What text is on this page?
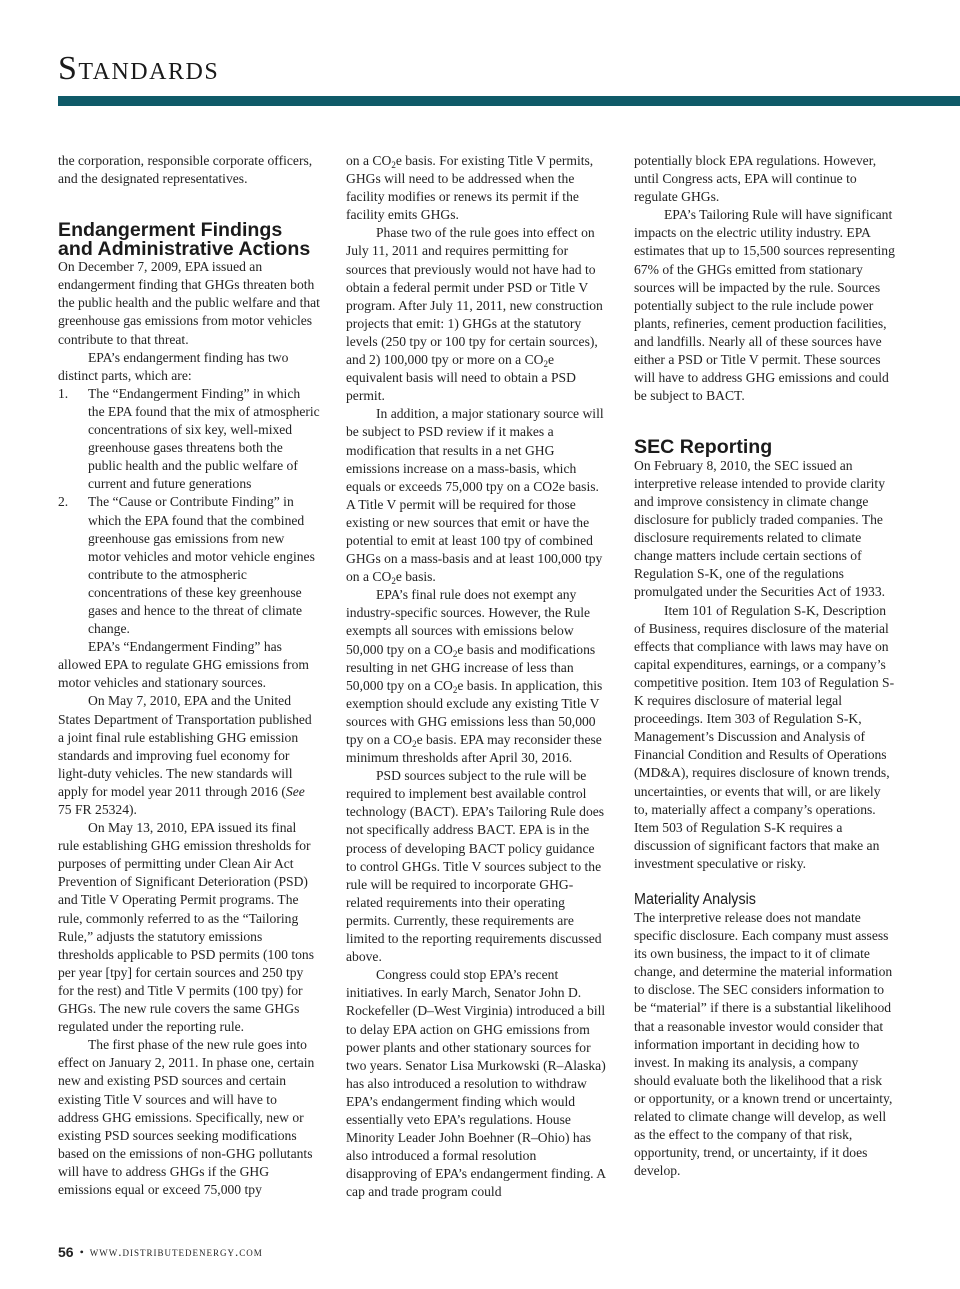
Standards

the corporation, responsible corporate officers, and the designated representatives.

Endangerment Findings and Administrative Actions

On December 7, 2009, EPA issued an endangerment finding that GHGs threaten both the public health and the public welfare and that greenhouse gas emissions from motor vehicles contribute to that threat.

EPA’s endangerment finding has two distinct parts, which are:

1.	The “Endangerment Finding” in which the EPA found that the mix of atmospheric concentrations of six key, well-mixed greenhouse gases threatens both the public health and the public welfare of current and future generations
2.	The “Cause or Contribute Finding” in which the EPA found that the combined greenhouse gas emissions from new motor vehicles and motor vehicle engines contribute to the atmospheric concentrations of these key greenhouse gases and hence to the threat of climate change.

EPA’s “Endangerment Finding” has allowed EPA to regulate GHG emissions from motor vehicles and stationary sources.

On May 7, 2010, EPA and the United States Department of Transportation published a joint final rule establishing GHG emission standards and improving fuel economy for light-duty vehicles. The new standards will apply for model year 2011 through 2016 (See 75 FR 25324).

On May 13, 2010, EPA issued its final rule establishing GHG emission thresholds for purposes of permitting under Clean Air Act Prevention of Significant Deterioration (PSD) and Title V Operating Permit programs. The rule, commonly referred to as the “Tailoring Rule,” adjusts the statutory emissions thresholds applicable to PSD permits (100 tons per year [tpy] for certain sources and 250 tpy for the rest) and Title V permits (100 tpy) for GHGs. The new rule covers the same GHGs regulated under the reporting rule.

The first phase of the new rule goes into effect on January 2, 2011. In phase one, certain new and existing PSD sources and certain existing Title V sources and will have to address GHG emissions. Specifically, new or existing PSD sources seeking modifications based on the emissions of non-GHG pollutants will have to address GHGs if the GHG emissions equal or exceed 75,000 tpy

on a $CO_2e$ basis. For existing Title V permits, GHGs will need to be addressed when the facility modifies or renews its permit if the facility emits GHGs.

Phase two of the rule goes into effect on July 11, 2011 and requires permitting for sources that previously would not have had to obtain a federal permit under PSD or Title V program. After July 11, 2011, new construction projects that emit: 1) GHGs at the statutory levels (250 tpy or 100 tpy for certain sources), and 2) 100,000 tpy or more on a $CO_2e$ equivalent basis will need to obtain a PSD permit.

In addition, a major stationary source will be subject to PSD review if it makes a modification that results in a net GHG emissions increase on a mass-basis, which equals or exceeds 75,000 tpy on a CO2e basis. A Title V permit will be required for those existing or new sources that emit or have the potential to emit at least 100 tpy of combined GHGs on a mass-basis and at least 100,000 tpy on a $CO_2e$ basis.

EPA’s final rule does not exempt any industry-specific sources. However, the Rule exempts all sources with emissions below 50,000 tpy on a $CO_2e$ basis and modifications resulting in net GHG increase of less than 50,000 tpy on a $CO_2e$ basis. In application, this exemption should exclude any existing Title V sources with GHG emissions less than 50,000 tpy on a $CO_2e$ basis. EPA may reconsider these minimum thresholds after April 30, 2016.

PSD sources subject to the rule will be required to implement best available control technology (BACT). EPA’s Tailoring Rule does not specifically address BACT. EPA is in the process of developing BACT policy guidance to control GHGs. Title V sources subject to the rule will be required to incorporate GHG-related requirements into their operating permits. Currently, these requirements are limited to the reporting requirements discussed above.

Congress could stop EPA’s recent initiatives. In early March, Senator John D. Rockefeller (D–West Virginia) introduced a bill to delay EPA action on GHG emissions from power plants and other stationary sources for two years. Senator Lisa Murkowski (R–Alaska) has also introduced a resolution to withdraw EPA’s endangerment finding which would essentially veto EPA’s regulations. House Minority Leader John Boehner (R–Ohio) has also introduced a formal resolution disapproving of EPA’s endangerment finding. A cap and trade program could

potentially block EPA regulations. However, until Congress acts, EPA will continue to regulate GHGs.

EPA’s Tailoring Rule will have significant impacts on the electric utility industry. EPA estimates that up to 15,500 sources representing 67% of the GHGs emitted from stationary sources will be impacted by the rule. Sources potentially subject to the rule include power plants, refineries, cement production facilities, and landfills. Nearly all of these sources have either a PSD or Title V permit. These sources will have to address GHG emissions and could be subject to BACT.

SEC Reporting

On February 8, 2010, the SEC issued an interpretive release intended to provide clarity and improve consistency in climate change disclosure for publicly traded companies. The disclosure requirements related to climate change matters include certain sections of Regulation S-K, one of the regulations promulgated under the Securities Act of 1933.

Item 101 of Regulation S-K, Description of Business, requires disclosure of the material effects that compliance with laws may have on capital expenditures, earnings, or a company’s competitive position. Item 103 of Regulation S-K requires disclosure of material legal proceedings. Item 303 of Regulation S-K, Management’s Discussion and Analysis of Financial Condition and Results of Operations (MD&A), requires disclosure of known trends, uncertainties, or events that will, or are likely to, materially affect a company’s operations. Item 503 of Regulation S-K requires a discussion of significant factors that make an investment speculative or risky.

Materiality Analysis

The interpretive release does not mandate specific disclosure. Each company must assess its own business, the impact to it of climate change, and determine the material information to disclose. The SEC considers information to be “material” if there is a substantial likelihood that a reasonable investor would consider that information important in deciding how to invest. In making its analysis, a company should evaluate both the likelihood that a risk or opportunity, or a known trend or uncertainty, related to climate change will develop, as well as the effect to the company of that risk, opportunity, trend, or uncertainty, if it does develop.

56 • www.distributedenergy.com
